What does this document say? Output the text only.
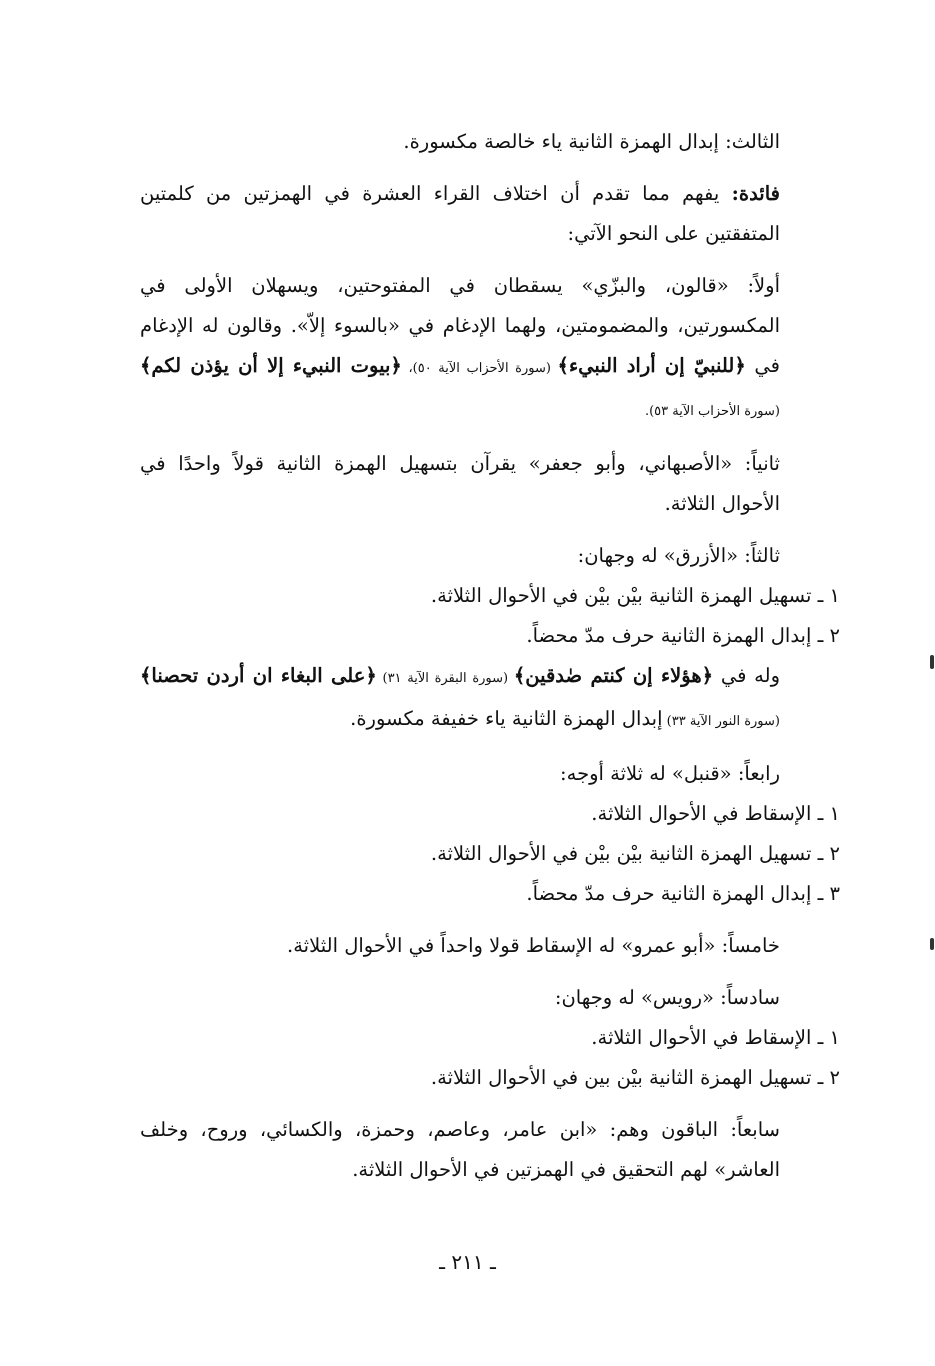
الثالث: إبدال الهمزة الثانية ياء خالصة مكسورة.

فائدة: يفهم مما تقدم أن اختلاف القراء العشرة في الهمزتين من كلمتين المتفقتين على النحو الآتي:

أولاً: «قالون، والبزّي» يسقطان في المفتوحتين، ويسهلان الأولى في المكسورتين، والمضمومتين، ولهما الإدغام في «بالسوء إلاّ». وقالون له الإدغام في ﴿للنبيّ إن أراد النبيء﴾ (سورة الأحزاب الآية ٥٠)، ﴿بيوت النبيء إلا أن يؤذن لكم﴾ (سورة الأحزاب الآية ٥٣).

ثانياً: «الأصبهاني، وأبو جعفر» يقرآن بتسهيل الهمزة الثانية قولاً واحدًا في الأحوال الثلاثة.

ثالثاً: «الأزرق» له وجهان:

١ ـ تسهيل الهمزة الثانية بيْن بيْن في الأحوال الثلاثة.

٢ ـ إبدال الهمزة الثانية حرف مدّ محضاً.

وله في ﴿هؤلاء إن كنتم صٰدقين﴾ (سورة البقرة الآية ٣١) ﴿على البغاء ان أردن تحصنا﴾ (سورة النور الآية ٣٣) إبدال الهمزة الثانية ياء خفيفة مكسورة.

رابعاً: «قنبل» له ثلاثة أوجه:

١ ـ الإسقاط في الأحوال الثلاثة.

٢ ـ تسهيل الهمزة الثانية بيْن بيْن في الأحوال الثلاثة.

٣ ـ إبدال الهمزة الثانية حرف مدّ محضاً.

خامساً: «أبو عمرو» له الإسقاط قولا واحداً في الأحوال الثلاثة.

سادساً: «رويس» له وجهان:

١ ـ الإسقاط في الأحوال الثلاثة.

٢ ـ تسهيل الهمزة الثانية بيْن بين في الأحوال الثلاثة.

سابعاً: الباقون وهم: «ابن عامر، وعاصم، وحمزة، والكسائي، وروح، وخلف العاشر» لهم التحقيق في الهمزتين في الأحوال الثلاثة.

ـ ٢١١ ـ
